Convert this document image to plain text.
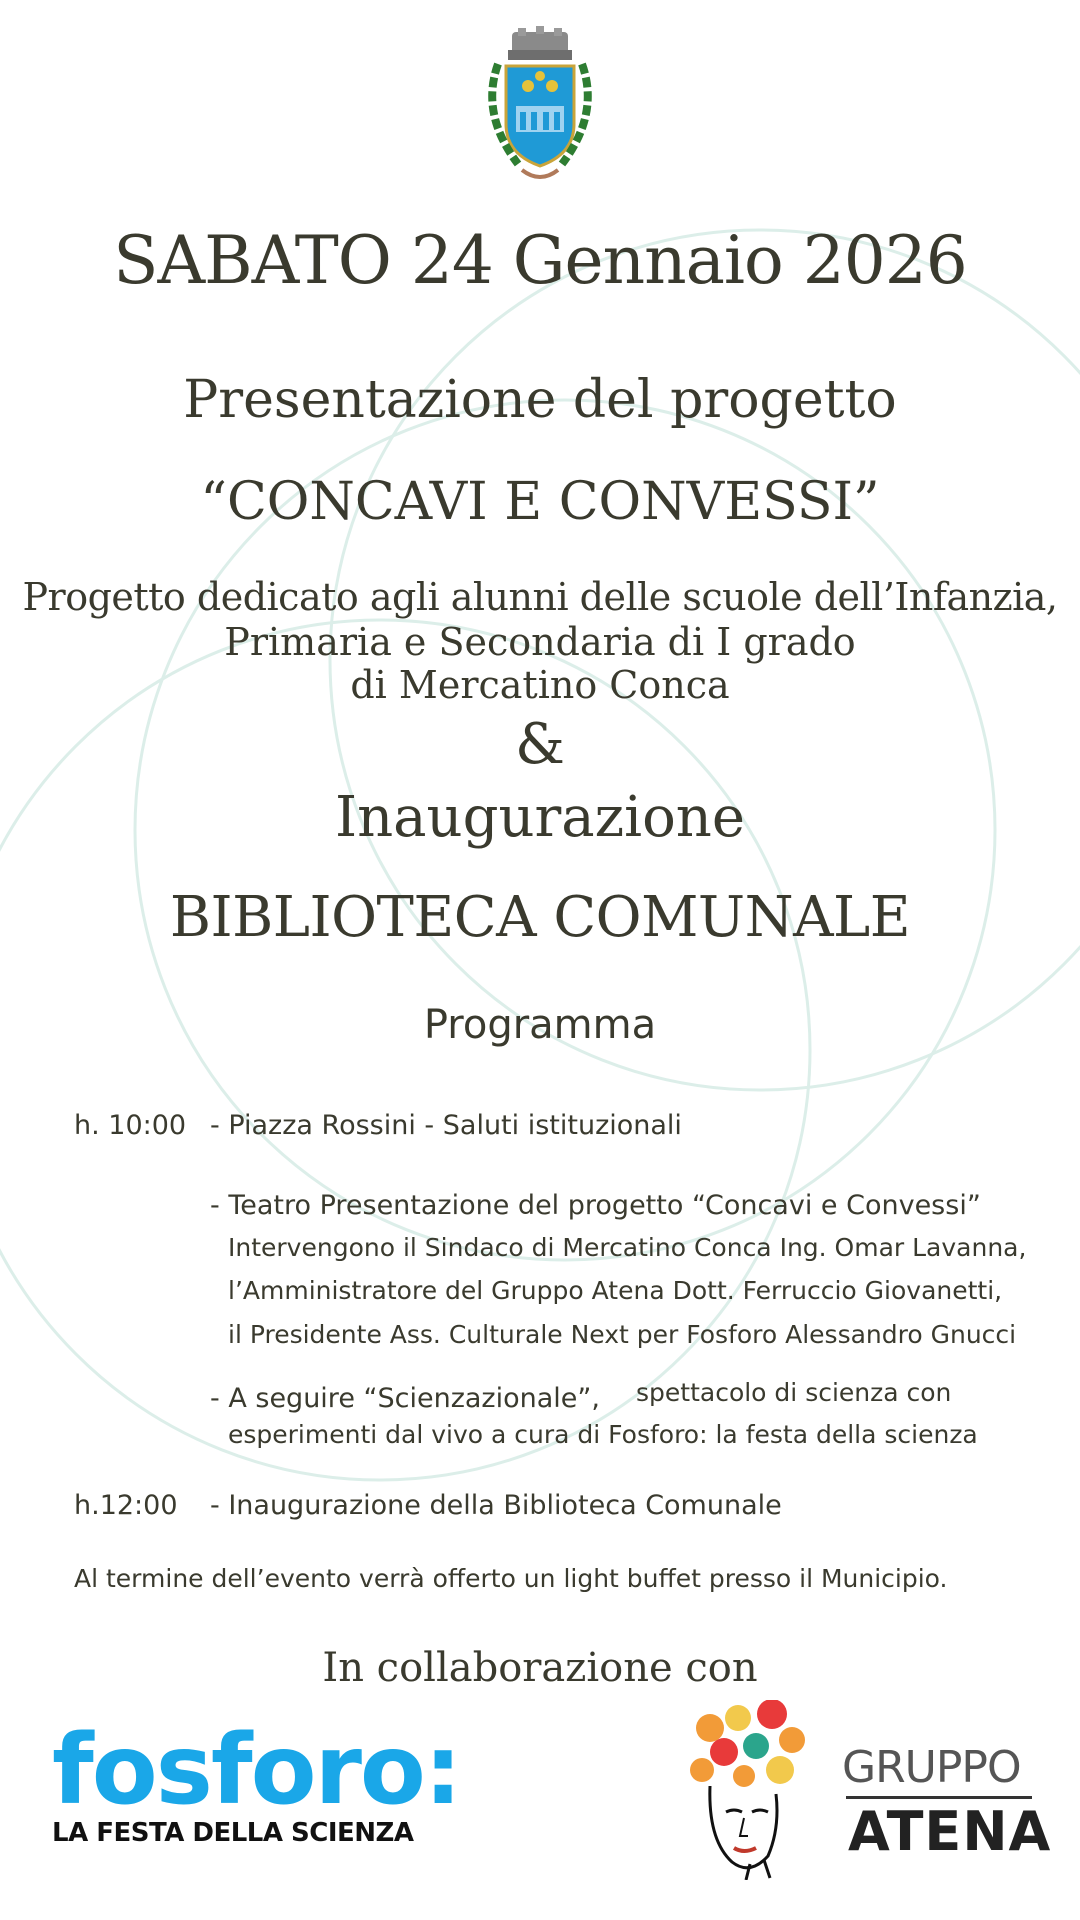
SABATO 24 Gennaio 2026

Presentazione del progetto

“CONCAVI E CONVESSI”

Progetto dedicato agli alunni delle scuole dell’Infanzia,

Primaria e Secondaria di I grado

di Mercatino Conca

&

Inaugurazione

BIBLIOTECA COMUNALE

Programma

h. 10:00 - Piazza Rossini - Saluti istituzionali

- Teatro Presentazione del progetto “Concavi e Convessi”

Intervengono il Sindaco di Mercatino Conca Ing. Omar Lavanna,

l’Amministratore del Gruppo Atena Dott. Ferruccio Giovanetti,

il Presidente Ass. Culturale Next per Fosforo Alessandro Gnucci

- A seguire “Scienzazionale”, spettacolo di scienza con

esperimenti dal vivo a cura di Fosforo: la festa della scienza

h.12:00 - Inaugurazione della Biblioteca Comunale

Al termine dell’evento verrà offerto un light buffet presso il Municipio.

In collaborazione con

fosforo:

LA FESTA DELLA SCIENZA

GRUPPO

ATENA
